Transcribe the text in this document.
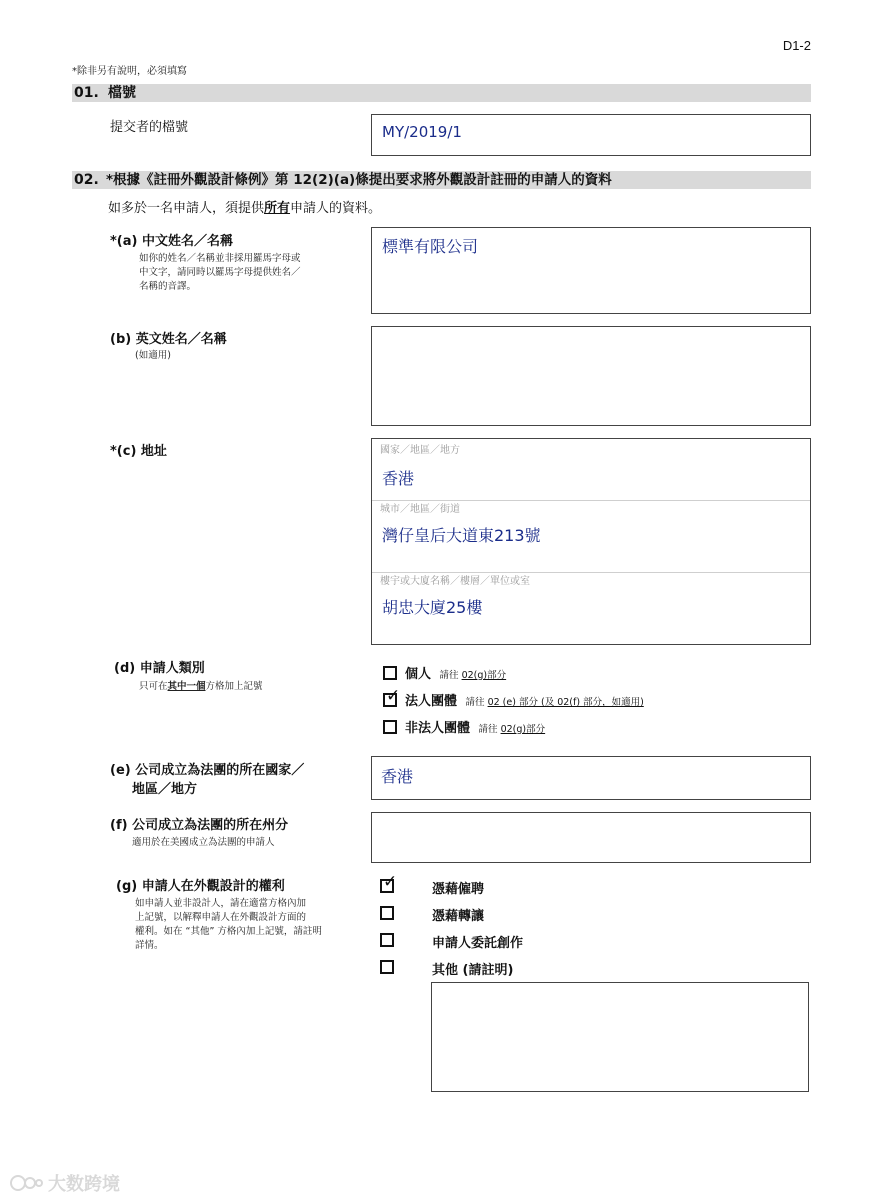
D1-2
*除非另有說明，必須填寫
01. 檔號
提交者的檔號	MY/2019/1
02. *根據《註冊外觀設計條例》第 12(2)(a)條提出要求將外觀設計註冊的申請人的資料
如多於一名申請人，須提供所有申請人的資料。
*(a) 中文姓名／名稱
如你的姓名／名稱並非採用羅馬字母或
中文字，請同時以羅馬字母提供姓名／
名稱的音譯。
標準有限公司
(b) 英文姓名／名稱
(如適用)
*(c) 地址	國家／地區／地方
香港
城市／地區／街道
灣仔皇后大道東213號
樓宇或大廈名稱／樓層／單位或室
胡忠大廈25樓
(d) 申請人類別
只可在其中一個方格加上記號
個人 請往 02(g)部分
✓ 法人團體 請往 02 (e) 部分 (及 02(f) 部分，如適用)
非法人團體 請往 02(g)部分
(e) 公司成立為法團的所在國家／
地區／地方
香港
(f) 公司成立為法團的所在州分
適用於在美國成立為法團的申請人
(g) 申請人在外觀設計的權利
如申請人並非設計人，請在適當方格內加
上記號，以解釋申請人在外觀設計方面的
權利。如在 “其他” 方格內加上記號，請註明
詳情。
✓	憑藉僱聘
憑藉轉讓
申請人委託創作
其他 (請註明)
大数跨境
